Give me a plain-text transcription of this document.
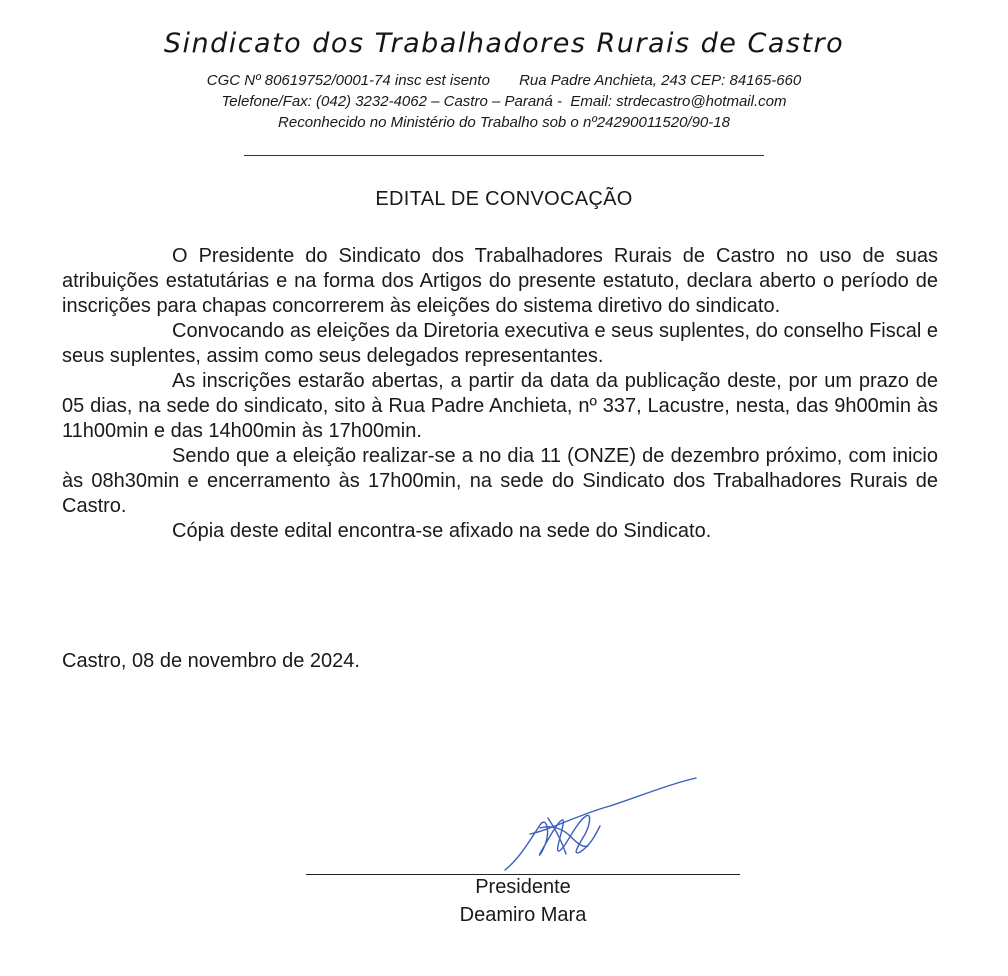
Sindicato dos Trabalhadores Rurais de Castro
CGC Nº 80619752/0001-74 insc est isento       Rua Padre Anchieta, 243 CEP: 84165-660
Telefone/Fax: (042) 3232-4062 – Castro – Paraná -  Email: strdecastro@hotmail.com
Reconhecido no Ministério do Trabalho sob o nº24290011520/90-18
EDITAL DE CONVOCAÇÃO

O Presidente do Sindicato dos Trabalhadores Rurais de Castro no uso de suas atribuições estatutárias e na forma dos Artigos do presente estatuto, declara aberto o período de inscrições para chapas concorrerem às eleições do sistema diretivo do sindicato.

Convocando as eleições da Diretoria executiva e seus suplentes, do conselho Fiscal e seus suplentes, assim como seus delegados representantes.

As inscrições estarão abertas, a partir da data da publicação deste, por um prazo de 05 dias, na sede do sindicato, sito à Rua Padre Anchieta, nº 337, Lacustre, nesta, das 9h00min às 11h00min e das 14h00min às 17h00min.

Sendo que a eleição realizar-se a no dia 11 (ONZE) de dezembro próximo, com inicio às 08h30min e encerramento às 17h00min, na sede do Sindicato dos Trabalhadores Rurais de Castro.

Cópia deste edital encontra-se afixado na sede do Sindicato.

Castro, 08 de novembro de 2024.
Presidente
Deamiro Mara
